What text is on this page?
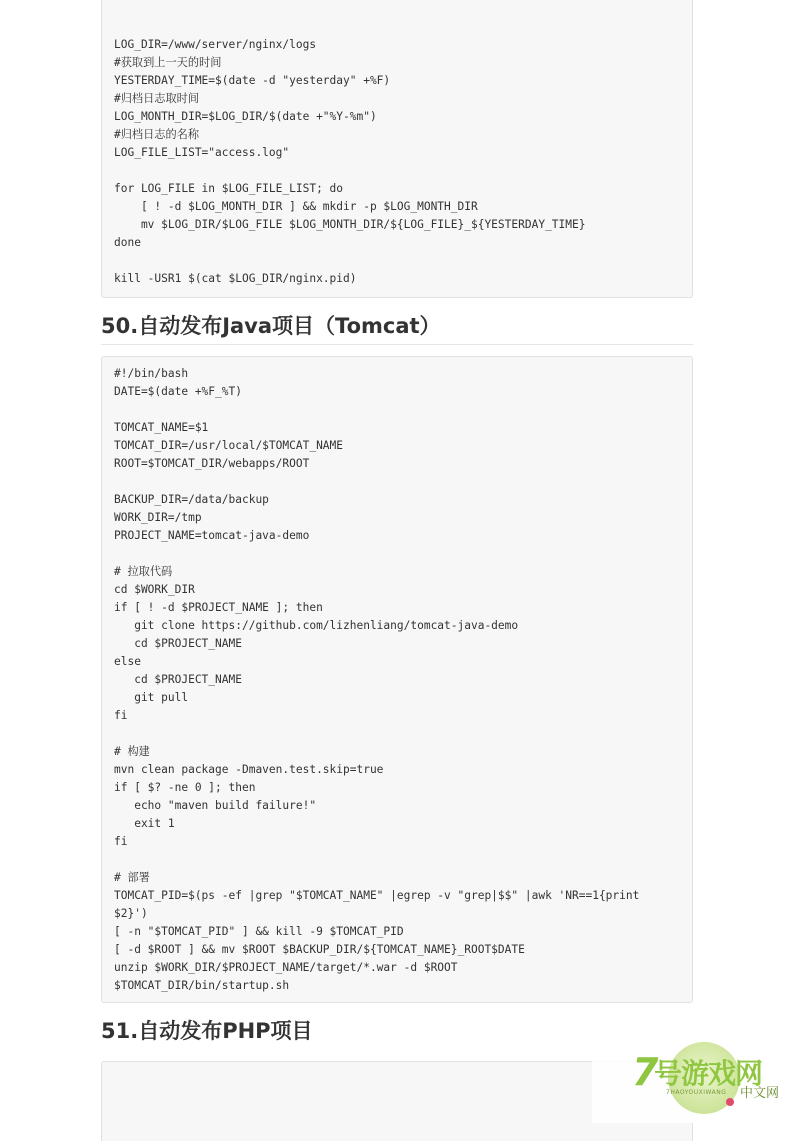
LOG_DIR=/www/server/nginx/logs
#获取到上一天的时间
YESTERDAY_TIME=$(date -d "yesterday" +%F)
#归档日志取时间
LOG_MONTH_DIR=$LOG_DIR/$(date +"%Y-%m")
#归档日志的名称
LOG_FILE_LIST="access.log"

for LOG_FILE in $LOG_FILE_LIST; do
[ ! -d $LOG_MONTH_DIR ] && mkdir -p $LOG_MONTH_DIR
mv $LOG_DIR/$LOG_FILE $LOG_MONTH_DIR/${LOG_FILE}_${YESTERDAY_TIME}
done

kill -USR1 $(cat $LOG_DIR/nginx.pid)
50.自动发布Java项目（Tomcat）
#!/bin/bash
DATE=$(date +%F_%T)

TOMCAT_NAME=$1
TOMCAT_DIR=/usr/local/$TOMCAT_NAME
ROOT=$TOMCAT_DIR/webapps/ROOT

BACKUP_DIR=/data/backup
WORK_DIR=/tmp
PROJECT_NAME=tomcat-java-demo

# 拉取代码
cd $WORK_DIR
if [ ! -d $PROJECT_NAME ]; then
git clone https://github.com/lizhenliang/tomcat-java-demo
cd $PROJECT_NAME
else
cd $PROJECT_NAME
git pull
fi

# 构建
mvn clean package -Dmaven.test.skip=true
if [ $? -ne 0 ]; then
echo "maven build failure!"
exit 1
fi

# 部署
TOMCAT_PID=$(ps -ef |grep "$TOMCAT_NAME" |egrep -v "grep|$$" |awk 'NR==1{print
$2}')
[ -n "$TOMCAT_PID" ] && kill -9 $TOMCAT_PID
[ -d $ROOT ] && mv $ROOT $BACKUP_DIR/${TOMCAT_NAME}_ROOT$DATE
unzip $WORK_DIR/$PROJECT_NAME/target/*.war -d $ROOT
$TOMCAT_DIR/bin/startup.sh
51.自动发布PHP项目
7
号游戏网
7HAOYOUXIWANG 中文网
